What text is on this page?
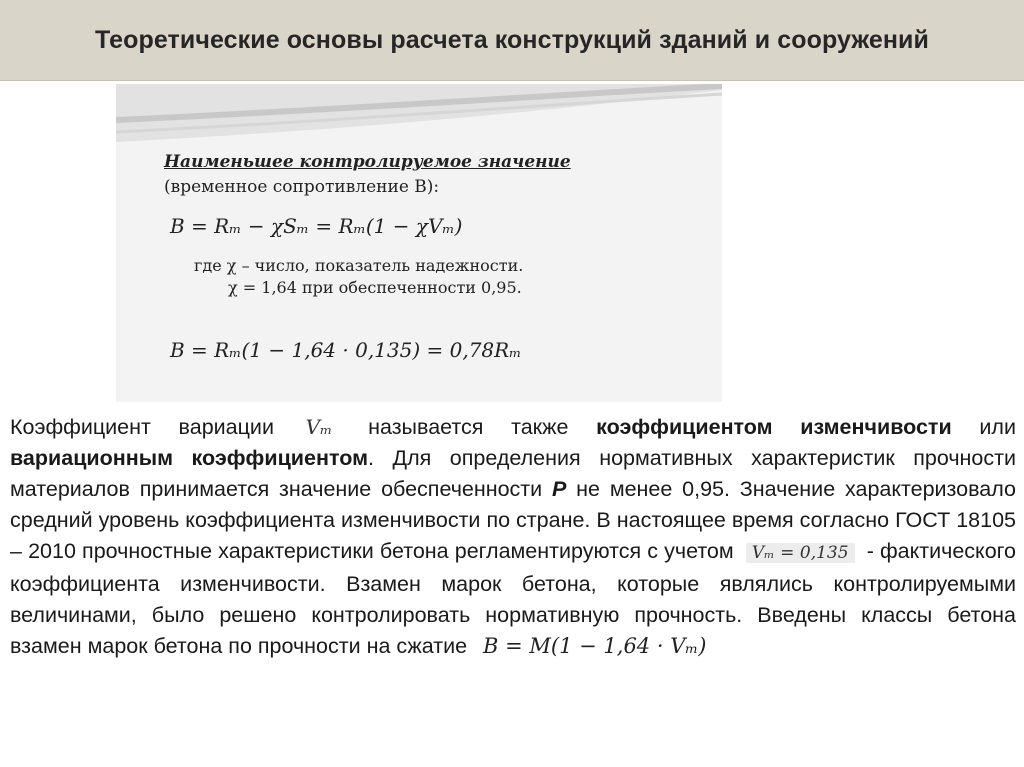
Теоретические основы расчета конструкций зданий и сооружений
Наименьшее контролируемое значение
(временное сопротивление B):
B = Rₘ − χSₘ = Rₘ(1 − χVₘ)
где χ – число, показатель надежности.
χ = 1,64 при обеспеченности 0,95.
B = Rₘ(1 − 1,64 · 0,135) = 0,78Rₘ

Коэффициент вариации Vₘ называется также коэффициентом изменчивости или вариационным коэффициентом. Для определения нормативных характеристик прочности материалов принимается значение обеспеченности P не менее 0,95. Значение характеризовало средний уровень коэффициента изменчивости по стране. В настоящее время согласно ГОСТ 18105 – 2010 прочностные характеристики бетона регламентируются с учетом Vₘ = 0,135 - фактического коэффициента изменчивости. Взамен марок бетона, которые являлись контролируемыми величинами, было решено контролировать нормативную прочность. Введены классы бетона взамен марок бетона по прочности на сжатие B = M(1 − 1,64 · Vₘ)
